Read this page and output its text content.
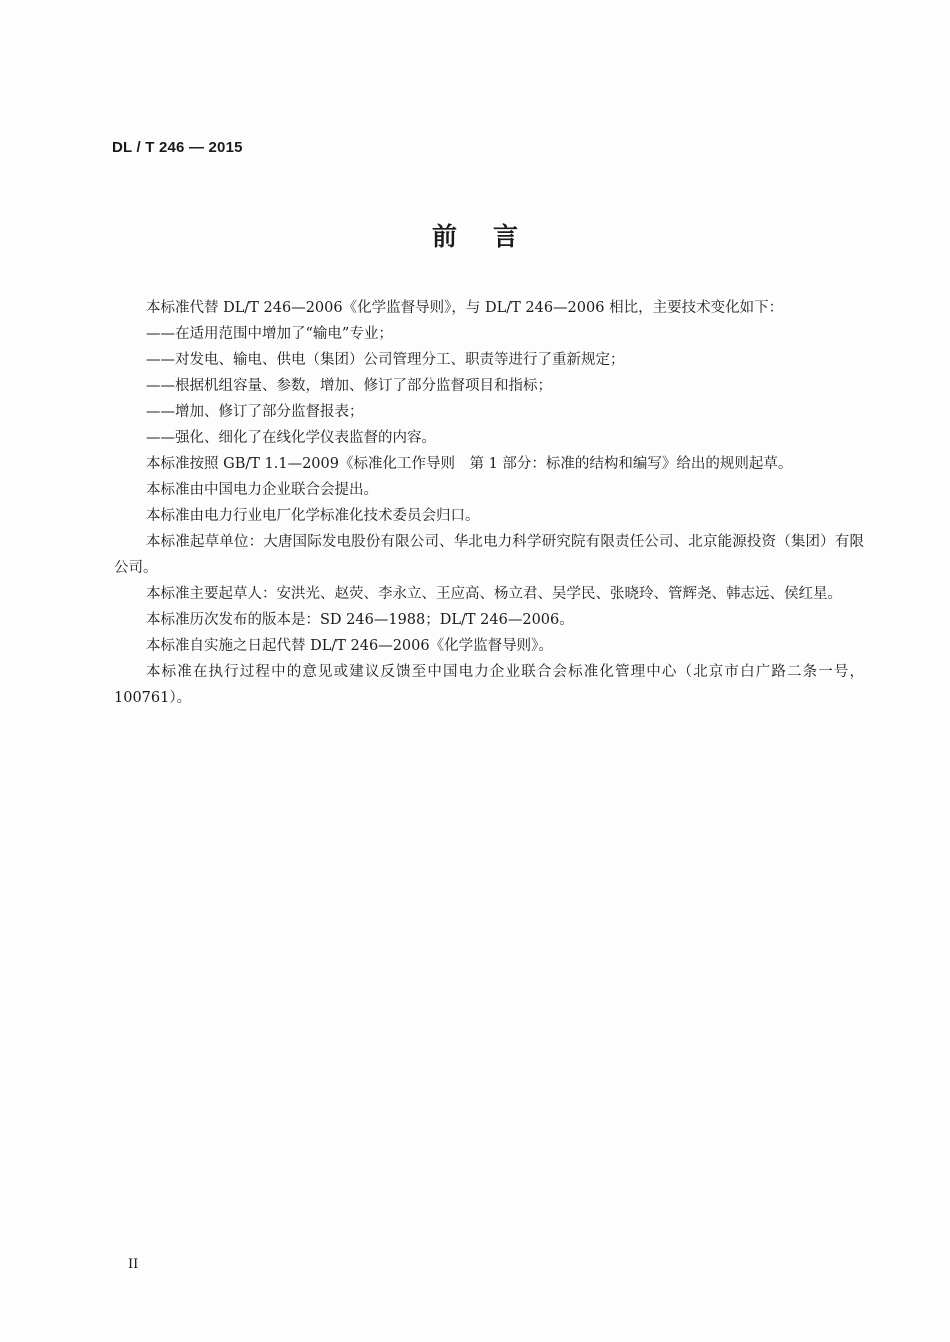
DL / T 246 — 2015
前言

本标准代替 DL/T 246—2006《化学监督导则》，与 DL/T 246—2006 相比，主要技术变化如下：

——在适用范围中增加了“输电”专业；

——对发电、输电、供电（集团）公司管理分工、职责等进行了重新规定；

——根据机组容量、参数，增加、修订了部分监督项目和指标；

——增加、修订了部分监督报表；

——强化、细化了在线化学仪表监督的内容。

本标准按照 GB/T 1.1—2009《标准化工作导则　第 1 部分：标准的结构和编写》给出的规则起草。

本标准由中国电力企业联合会提出。

本标准由电力行业电厂化学标准化技术委员会归口。

本标准起草单位：大唐国际发电股份有限公司、华北电力科学研究院有限责任公司、北京能源投资（集团）有限公司。

本标准主要起草人：安洪光、赵荧、李永立、王应高、杨立君、吴学民、张晓玲、管辉尧、韩志远、侯红星。

本标准历次发布的版本是：SD 246—1988；DL/T 246—2006。

本标准自实施之日起代替 DL/T 246—2006《化学监督导则》。

本标准在执行过程中的意见或建议反馈至中国电力企业联合会标准化管理中心（北京市白广路二条一号，100761）。

II
